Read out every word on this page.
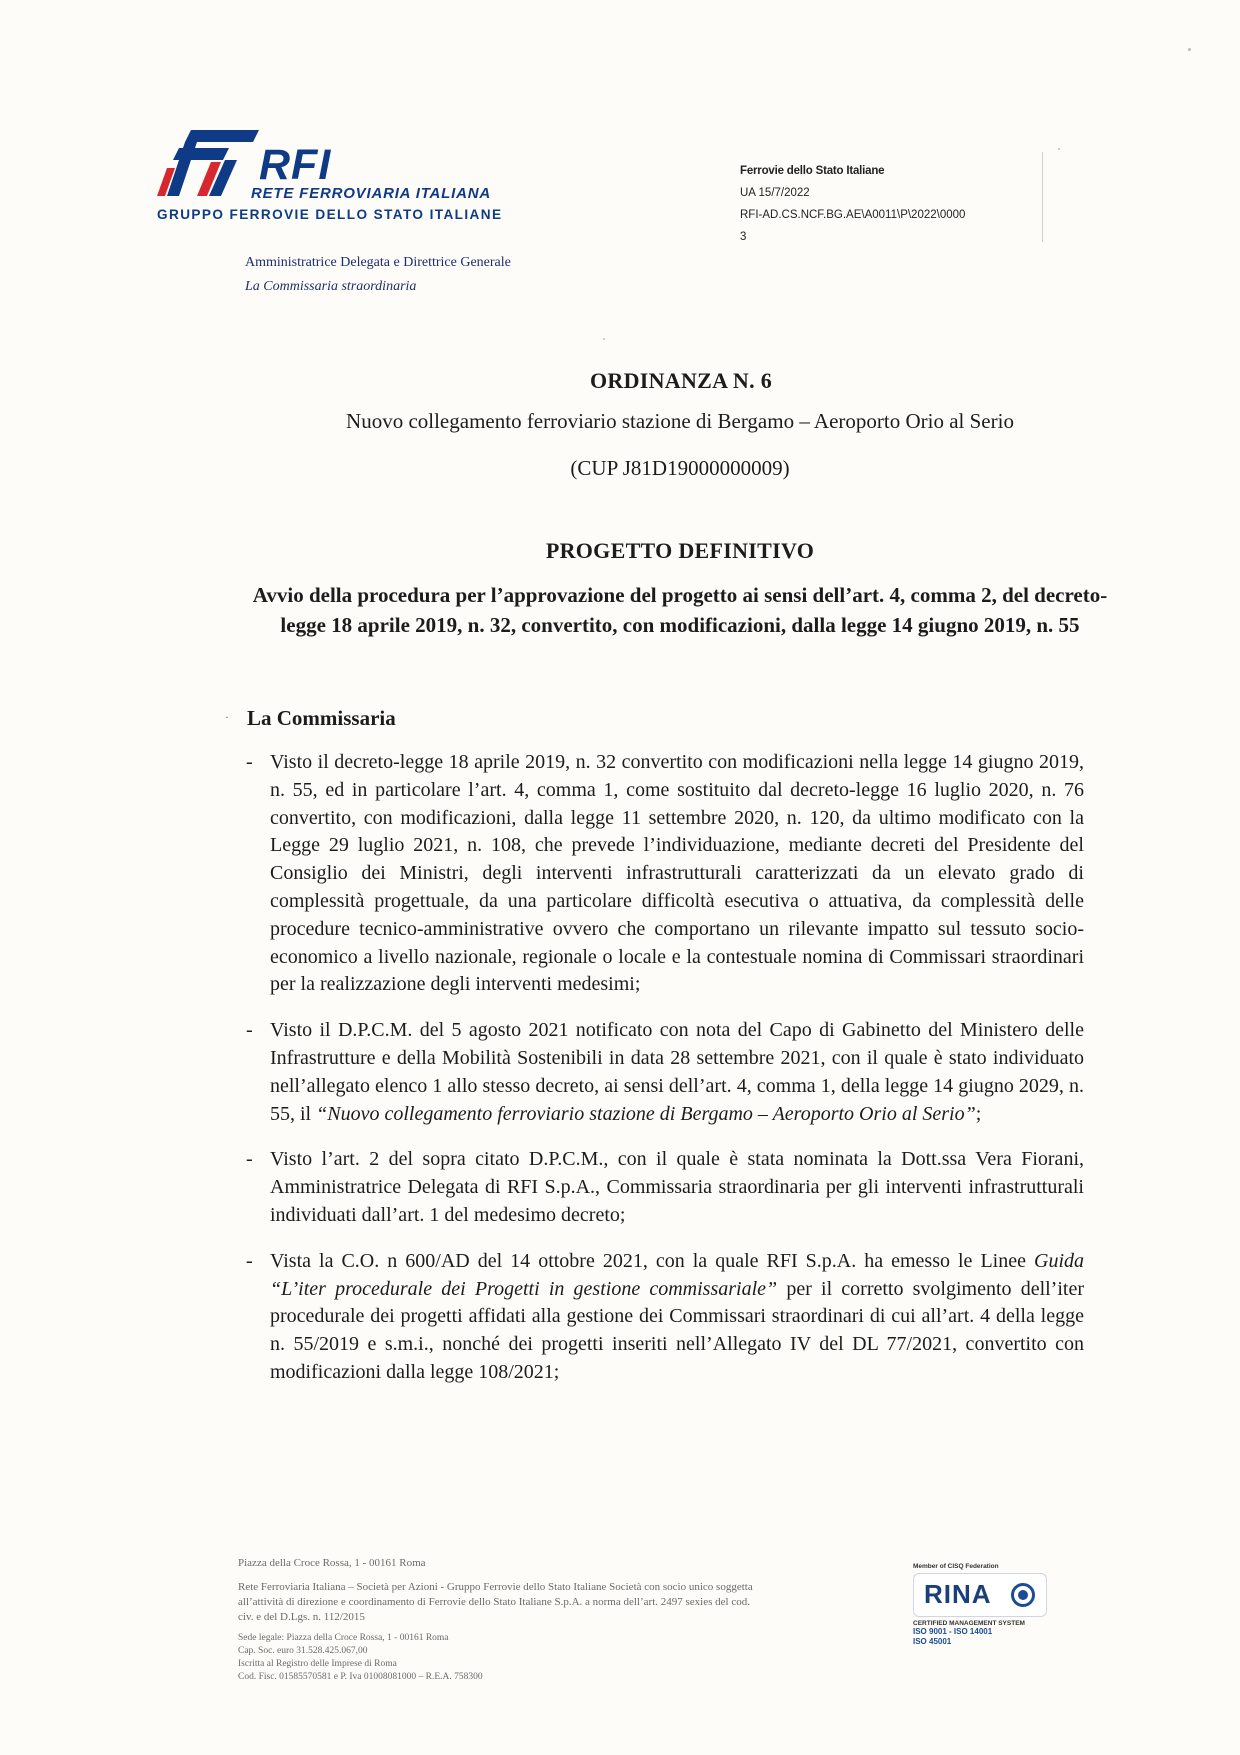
RFI
RETE FERROVIARIA ITALIANA
GRUPPO FERROVIE DELLO STATO ITALIANE
Amministratrice Delegata e Direttrice Generale
La Commissaria straordinaria
Ferrovie dello Stato Italiane
UA 15/7/2022
RFI-AD.CS.NCF.BG.AE\A0011\P\2022\0000
3
ORDINANZA N. 6
Nuovo collegamento ferroviario stazione di Bergamo – Aeroporto Orio al Serio
(CUP J81D19000000009)
PROGETTO DEFINITIVO
Avvio della procedura per l’approvazione del progetto ai sensi dell’art. 4, comma 2, del decreto-legge 18 aprile 2019, n. 32, convertito, con modificazioni, dalla legge 14 giugno 2019, n. 55
· La Commissaria
- Visto il decreto-legge 18 aprile 2019, n. 32 convertito con modificazioni nella legge 14 giugno 2019, n. 55, ed in particolare l’art. 4, comma 1, come sostituito dal decreto-legge 16 luglio 2020, n. 76 convertito, con modificazioni, dalla legge 11 settembre 2020, n. 120, da ultimo modificato con la Legge 29 luglio 2021, n. 108, che prevede l’individuazione, mediante decreti del Presidente del Consiglio dei Ministri, degli interventi infrastrutturali caratterizzati da un elevato grado di complessità progettuale, da una particolare difficoltà esecutiva o attuativa, da complessità delle procedure tecnico-amministrative ovvero che comportano un rilevante impatto sul tessuto socio-economico a livello nazionale, regionale o locale e la contestuale nomina di Commissari straordinari per la realizzazione degli interventi medesimi;
- Visto il D.P.C.M. del 5 agosto 2021 notificato con nota del Capo di Gabinetto del Ministero delle Infrastrutture e della Mobilità Sostenibili in data 28 settembre 2021, con il quale è stato individuato nell’allegato elenco 1 allo stesso decreto, ai sensi dell’art. 4, comma 1, della legge 14 giugno 2029, n. 55, il “Nuovo collegamento ferroviario stazione di Bergamo – Aeroporto Orio al Serio”;
- Visto l’art. 2 del sopra citato D.P.C.M., con il quale è stata nominata la Dott.ssa Vera Fiorani, Amministratrice Delegata di RFI S.p.A., Commissaria straordinaria per gli interventi infrastrutturali individuati dall’art. 1 del medesimo decreto;
- Vista la C.O. n 600/AD del 14 ottobre 2021, con la quale RFI S.p.A. ha emesso le Linee Guida “L’iter procedurale dei Progetti in gestione commissariale” per il corretto svolgimento dell’iter procedurale dei progetti affidati alla gestione dei Commissari straordinari di cui all’art. 4 della legge n. 55/2019 e s.m.i., nonché dei progetti inseriti nell’Allegato IV del DL 77/2021, convertito con modificazioni dalla legge 108/2021;
Piazza della Croce Rossa, 1 - 00161 Roma
Rete Ferroviaria Italiana – Società per Azioni - Gruppo Ferrovie dello Stato Italiane Società con socio unico soggetta all’attività di direzione e coordinamento di Ferrovie dello Stato Italiane S.p.A. a norma dell’art. 2497 sexies del cod. civ. e del D.Lgs. n. 112/2015
Sede legale: Piazza della Croce Rossa, 1 - 00161 Roma
Cap. Soc. euro 31.528.425.067,00
Iscritta al Registro delle Imprese di Roma
Cod. Fisc. 01585570581 e P. Iva 01008081000 – R.E.A. 758300
Member of CISQ Federation
RINA
CERTIFIED MANAGEMENT SYSTEM
ISO 9001 - ISO 14001
ISO 45001
